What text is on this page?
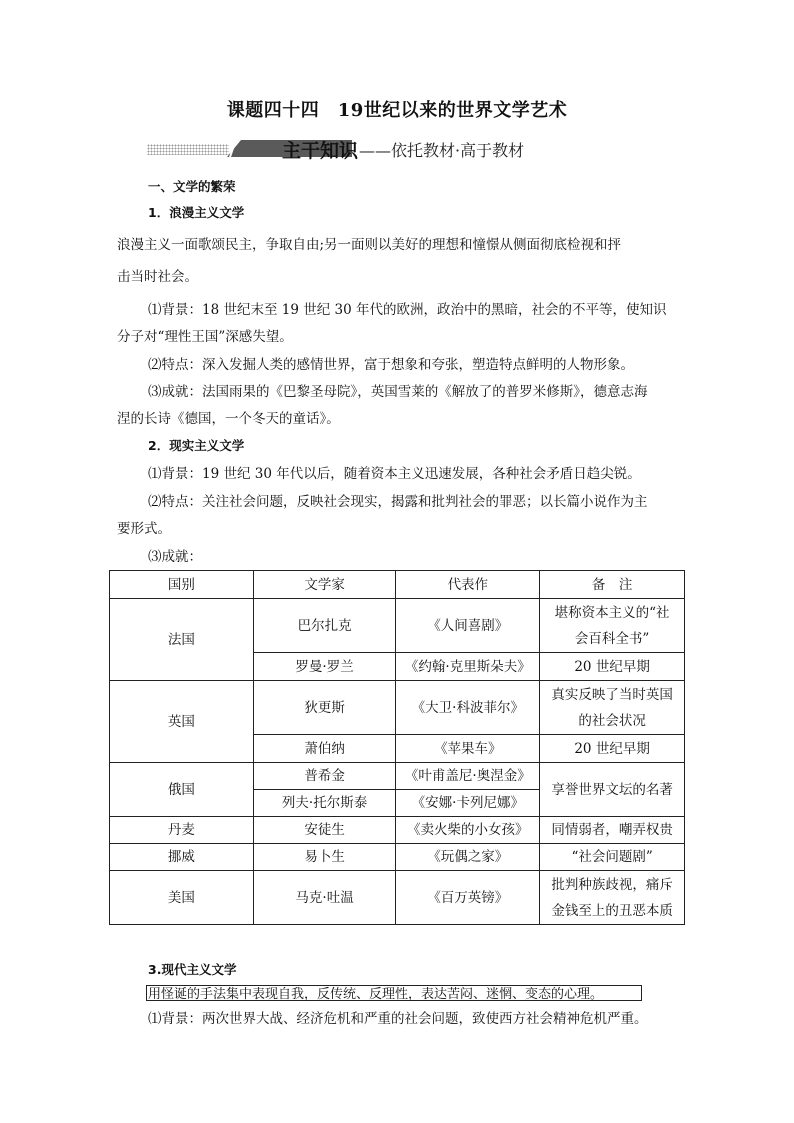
课题四十四　19世纪以来的世界文学艺术
主干知识 ——依托教材·高于教材
一、文学的繁荣
1．浪漫主义文学
浪漫主义一面歌颂民主，争取自由;另一面则以美好的理想和憧憬从侧面彻底检视和抨
击当时社会。
⑴背景：18 世纪末至 19 世纪 30 年代的欧洲，政治中的黑暗，社会的不平等，使知识
分子对“理性王国”深感失望。
⑵特点：深入发掘人类的感情世界，富于想象和夸张，塑造特点鲜明的人物形象。
⑶成就：法国雨果的《巴黎圣母院》，英国雪莱的《解放了的普罗米修斯》，德意志海
涅的长诗《德国，一个冬天的童话》。
2．现实主义文学
⑴背景：19 世纪 30 年代以后，随着资本主义迅速发展，各种社会矛盾日趋尖锐。
⑵特点：关注社会问题，反映社会现实，揭露和批判社会的罪恶；以长篇小说作为主
要形式。
⑶成就：
国别	文学家	代表作	备　注
法国	巴尔扎克	《人间喜剧》	堪称资本主义的“社
会百科全书”
	罗曼·罗兰	《约翰·克里斯朵夫》	20 世纪早期
英国	狄更斯	《大卫·科波菲尔》	真实反映了当时英国
的社会状况
	萧伯纳	《苹果车》	20 世纪早期
俄国	普希金	《叶甫盖尼·奥涅金》	享誉世界文坛的名著
	列夫·托尔斯泰	《安娜·卡列尼娜》	
丹麦	安徒生	《卖火柴的小女孩》	同情弱者，嘲弄权贵
挪威	易卜生	《玩偶之家》	“社会问题剧”
美国	马克·吐温	《百万英镑》	批判种族歧视，痛斥
金钱至上的丑恶本质
3.现代主义文学
用怪诞的手法集中表现自我，反传统、反理性，表达苦闷、迷惘、变态的心理。
⑴背景：两次世界大战、经济危机和严重的社会问题，致使西方社会精神危机严重。
